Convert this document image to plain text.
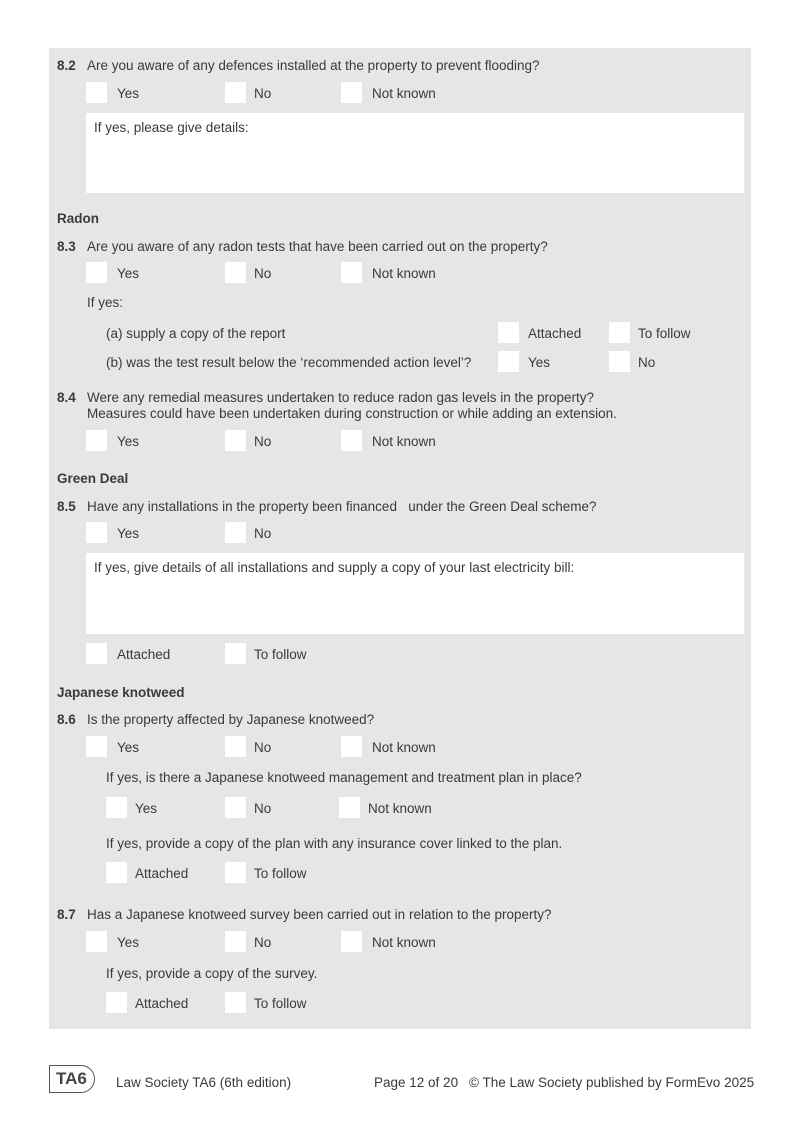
8.2 Are you aware of any defences installed at the property to prevent flooding?
Yes	No	Not known
If yes, please give details:
Radon
8.3 Are you aware of any radon tests that have been carried out on the property?
Yes	No	Not known
If yes:
(a) supply a copy of the report	Attached	To follow
(b) was the test result below the ‘recommended action level’?	Yes	No
8.4 Were any remedial measures undertaken to reduce radon gas levels in the property?
Measures could have been undertaken during construction or while adding an extension.
Yes	No	Not known
Green Deal
8.5 Have any installations in the property been financed   under the Green Deal scheme?
Yes	No
If yes, give details of all installations and supply a copy of your last electricity bill:
Attached	To follow
Japanese knotweed
8.6 Is the property affected by Japanese knotweed?
Yes	No	Not known
If yes, is there a Japanese knotweed management and treatment plan in place?
Yes	No	Not known
If yes, provide a copy of the plan with any insurance cover linked to the plan.
Attached	To follow
8.7 Has a Japanese knotweed survey been carried out in relation to the property?
Yes	No	Not known
If yes, provide a copy of the survey.
Attached	To follow
TA6	Law Society TA6 (6th edition)	Page 12 of 20 © The Law Society published by FormEvo 2025
